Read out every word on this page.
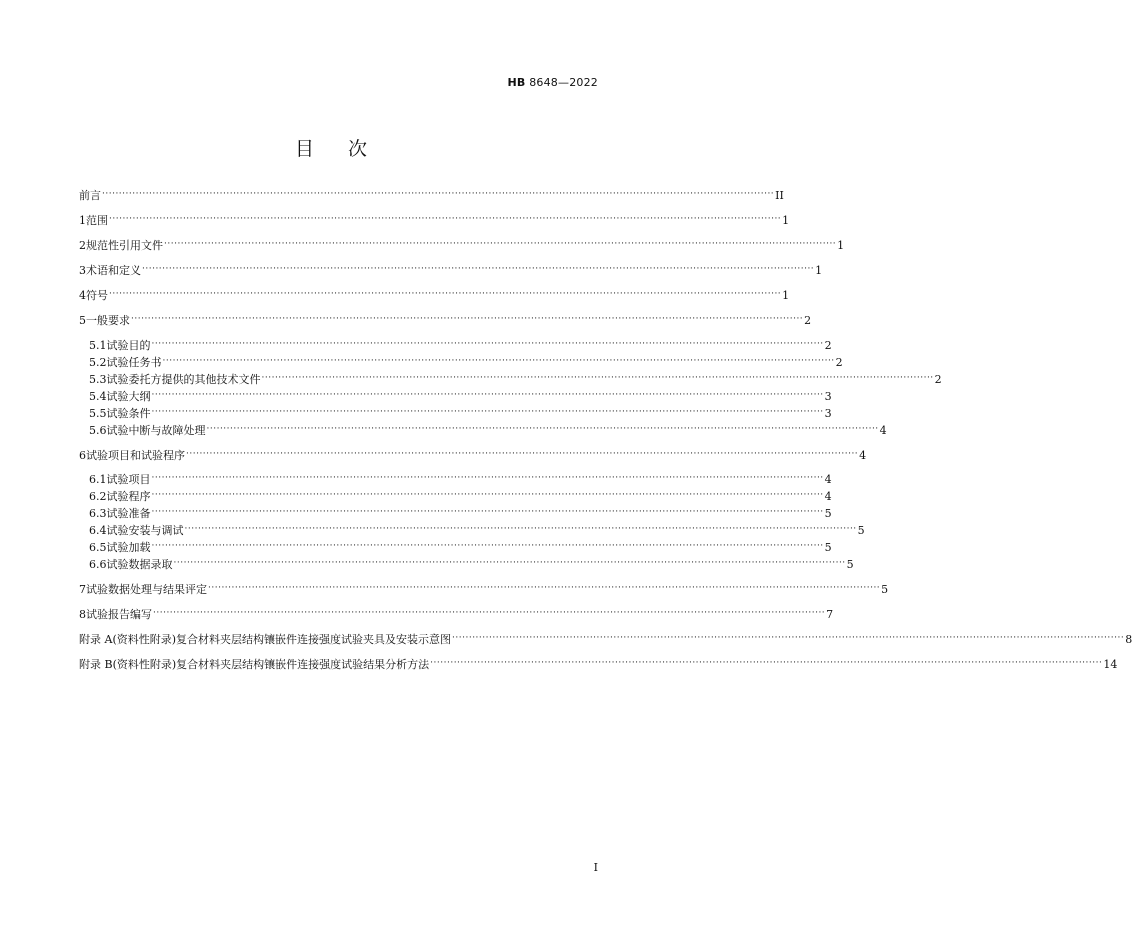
HB 8648—2022
目次
前言 ········································································································································································································ II
1 范围 ········································································································································································································ 1
2 规范性引用文件 ········································································································································································································ 1
3 术语和定义 ········································································································································································································ 1
4 符号 ········································································································································································································ 1
5 一般要求 ········································································································································································································ 2
5.1 试验目的 ········································································································································································································ 2
5.2 试验任务书 ········································································································································································································ 2
5.3 试验委托方提供的其他技术文件 ········································································································································································································ 2
5.4 试验大纲 ········································································································································································································ 3
5.5 试验条件 ········································································································································································································ 3
5.6 试验中断与故障处理 ········································································································································································································ 4
6 试验项目和试验程序 ········································································································································································································ 4
6.1 试验项目 ········································································································································································································ 4
6.2 试验程序 ········································································································································································································ 4
6.3 试验准备 ········································································································································································································ 5
6.4 试验安装与调试 ········································································································································································································ 5
6.5 试验加载 ········································································································································································································ 5
6.6 试验数据录取 ········································································································································································································ 5
7 试验数据处理与结果评定 ········································································································································································································ 5
8 试验报告编写 ········································································································································································································ 7
附录 A(资料性附录) 复合材料夹层结构镶嵌件连接强度试验夹具及安装示意图 ········································································································································································································ 8
附录 B(资料性附录) 复合材料夹层结构镶嵌件连接强度试验结果分析方法 ········································································································································································································ 14
I
